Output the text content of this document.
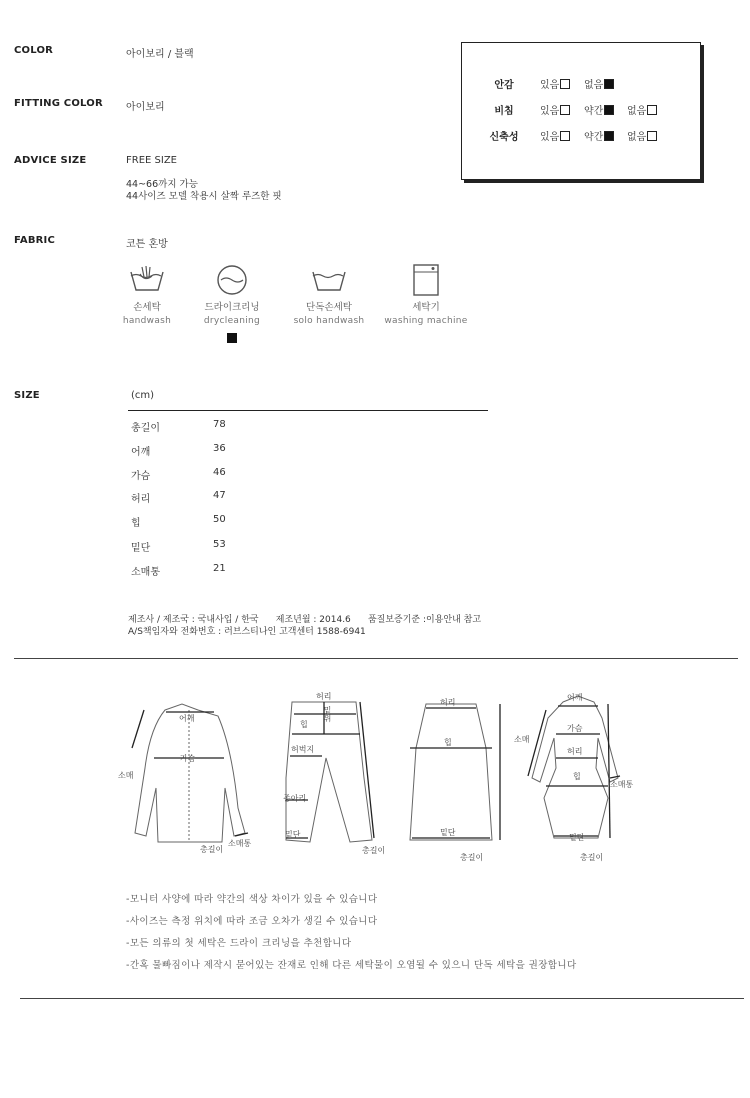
COLOR	아이보리 / 블랙
FITTING COLOR 아이보리
ADVICE SIZE	FREE SIZE
44~66까지 가능
44사이즈 모델 착용시 살짝 루즈한 핏
FABRIC	코튼 혼방
안감	있음	없음
비침	있음	약간	없음
신축성	있음	약간	없음
손세탁
handwash
드라이크리닝
drycleaning
단독손세탁
solo handwash
세탁기
washing machine
SIZE	(cm)
총길이	78
어깨	36
가슴	46
허리	47
힙	50
밑단	53
소매통	21
제조사 / 제조국 : 국내사입 / 한국      제조년월 : 2014.6      품질보증기준 :이용안내 참고
A/S책임자와 전화번호 : 러브스티나인 고객센터 1588-6941
어깨
가슴
소매
총길이
소매통
허리
밑위
힙
허벅지
종아리
밑단
총길이
허리
힙
밑단
총길이
어깨
소매
가슴
허리
힙
소매통
밑단
총길이
-모니터 사양에 따라 약간의 색상 차이가 있을 수 있습니다
-사이즈는 측정 위치에 따라 조금 오차가 생길 수 있습니다
-모든 의류의 첫 세탁은 드라이 크리닝을 추천합니다
-간혹 물빠짐이나 제작시 묻어있는 잔재로 인해 다른 세탁물이 오염될 수 있으니 단독 세탁을 권장합니다
